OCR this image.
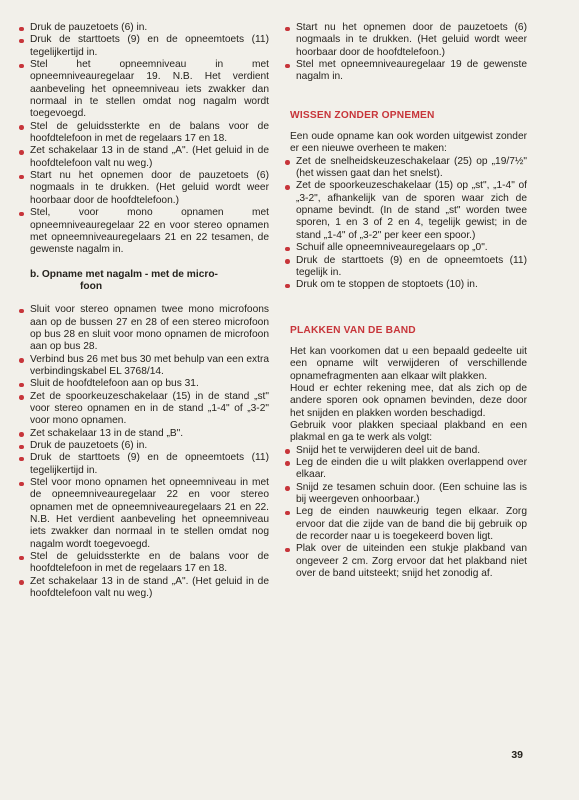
Druk de pauzetoets (6) in.

Druk de starttoets (9) en de opneemtoets (11) tegelijkertijd in.

Stel het opneemniveau in met opneemniveauregelaar 19. N.B. Het verdient aanbeveling het opneemniveau iets zwakker dan normaal in te stellen omdat nog nagalm wordt toegevoegd.

Stel de geluidssterkte en de balans voor de hoofdtelefoon in met de regelaars 17 en 18.

Zet schakelaar 13 in de stand „A". (Het geluid in de hoofdtelefoon valt nu weg.)

Start nu het opnemen door de pauzetoets (6) nogmaals in te drukken. (Het geluid wordt weer hoorbaar door de hoofdtelefoon.)

Stel, voor mono opnamen met opneemniveauregelaar 22 en voor stereo opnamen met opneemniveauregelaars 21 en 22 tesamen, de gewenste nagalm in.

b. Opname met nagalm - met de micro-
foon

Sluit voor stereo opnamen twee mono microfoons aan op de bussen 27 en 28 of een stereo microfoon op bus 28 en sluit voor mono opnamen de microfoon aan op bus 28.

Verbind bus 26 met bus 30 met behulp van een extra verbindingskabel EL 3768/14.

Sluit de hoofdtelefoon aan op bus 31.

Zet de spoorkeuzeschakelaar (15) in de stand „st" voor stereo opnamen en in de stand „1-4" of „3-2" voor mono opnamen.

Zet schakelaar 13 in de stand „B".

Druk de pauzetoets (6) in.

Druk de starttoets (9) en de opneemtoets (11) tegelijkertijd in.

Stel voor mono opnamen het opneemniveau in met de opneemniveauregelaar 22 en voor stereo opnamen met de opneemniveauregelaars 21 en 22. N.B. Het verdient aanbeveling het opneemniveau iets zwakker dan normaal in te stellen omdat nog nagalm wordt toegevoegd.

Stel de geluidssterkte en de balans voor de hoofdtelefoon in met de regelaars 17 en 18.

Zet schakelaar 13 in de stand „A". (Het geluid in de hoofdtelefoon valt nu weg.)

Start nu het opnemen door de pauzetoets (6) nogmaals in te drukken. (Het geluid wordt weer hoorbaar door de hoofdtelefoon.)

Stel met opneemniveauregelaar 19 de gewenste nagalm in.

WISSEN ZONDER OPNEMEN

Een oude opname kan ook worden uitgewist zonder er een nieuwe overheen te maken:

Zet de snelheidskeuzeschakelaar (25) op „19/7½" (het wissen gaat dan het snelst).

Zet de spoorkeuzeschakelaar (15) op „st", „1-4" of „3-2", afhankelijk van de sporen waar zich de opname bevindt. (In de stand „st" worden twee sporen, 1 en 3 of 2 en 4, tegelijk gewist; in de stand „1-4" of „3-2" per keer een spoor.)

Schuif alle opneemniveauregelaars op „0".

Druk de starttoets (9) en de opneemtoets (11) tegelijk in.

Druk om te stoppen de stoptoets (10) in.

PLAKKEN VAN DE BAND

Het kan voorkomen dat u een bepaald gedeelte uit een opname wilt verwijderen of verschillende opnamefragmenten aan elkaar wilt plakken.

Houd er echter rekening mee, dat als zich op de andere sporen ook opnamen bevinden, deze door het snijden en plakken worden beschadigd.

Gebruik voor plakken speciaal plakband en een plakmal en ga te werk als volgt:

Snijd het te verwijderen deel uit de band.

Leg de einden die u wilt plakken overlappend over elkaar.

Snijd ze tesamen schuin door. (Een schuine las is bij weergeven onhoorbaar.)

Leg de einden nauwkeurig tegen elkaar. Zorg ervoor dat die zijde van de band die bij gebruik op de recorder naar u is toegekeerd boven ligt.

Plak over de uiteinden een stukje plakband van ongeveer 2 cm. Zorg ervoor dat het plakband niet over de band uitsteekt; snijd het zonodig af.

39
